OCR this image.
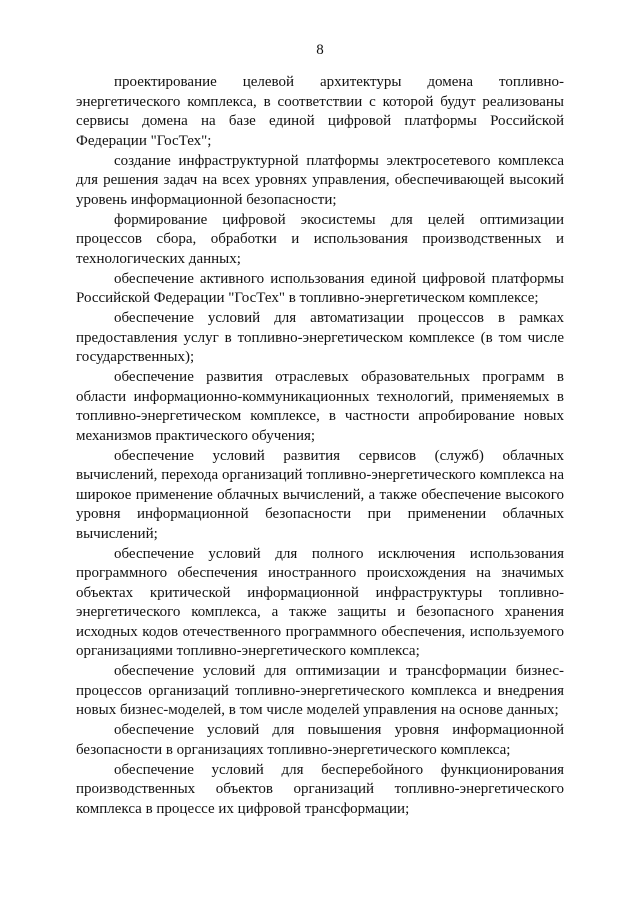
8

проектирование целевой архитектуры домена топливно-энергетического комплекса, в соответствии с которой будут реализованы сервисы домена на базе единой цифровой платформы Российской Федерации "ГосТех";

создание инфраструктурной платформы электросетевого комплекса для решения задач на всех уровнях управления, обеспечивающей высокий уровень информационной безопасности;

формирование цифровой экосистемы для целей оптимизации процессов сбора, обработки и использования производственных и технологических данных;

обеспечение активного использования единой цифровой платформы Российской Федерации "ГосТех" в топливно-энергетическом комплексе;

обеспечение условий для автоматизации процессов в рамках предоставления услуг в топливно-энергетическом комплексе (в том числе государственных);

обеспечение развития отраслевых образовательных программ в области информационно-коммуникационных технологий, применяемых в топливно-энергетическом комплексе, в частности апробирование новых механизмов практического обучения;

обеспечение условий развития сервисов (служб) облачных вычислений, перехода организаций топливно-энергетического комплекса на широкое применение облачных вычислений, а также обеспечение высокого уровня информационной безопасности при применении облачных вычислений;

обеспечение условий для полного исключения использования программного обеспечения иностранного происхождения на значимых объектах критической информационной инфраструктуры топливно-энергетического комплекса, а также защиты и безопасного хранения исходных кодов отечественного программного обеспечения, используемого организациями топливно-энергетического комплекса;

обеспечение условий для оптимизации и трансформации бизнес-процессов организаций топливно-энергетического комплекса и внедрения новых бизнес-моделей, в том числе моделей управления на основе данных;

обеспечение условий для повышения уровня информационной безопасности в организациях топливно-энергетического комплекса;

обеспечение условий для бесперебойного функционирования производственных объектов организаций топливно-энергетического комплекса в процессе их цифровой трансформации;
